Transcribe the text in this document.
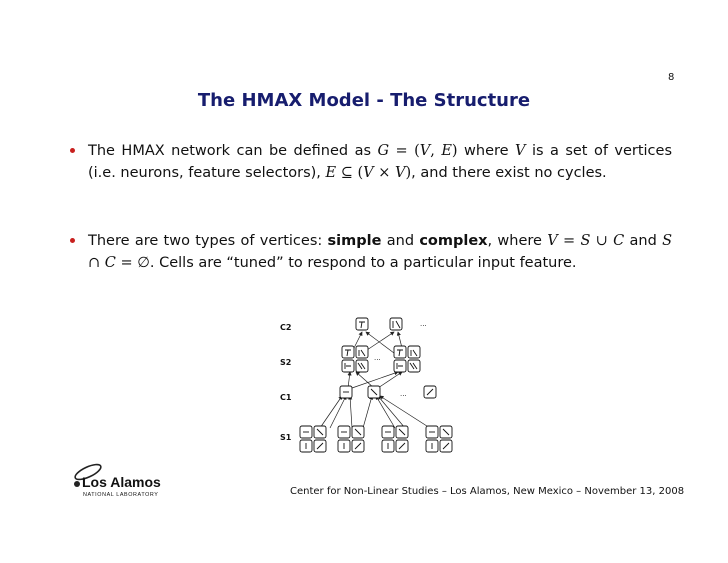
8
The HMAX Model - The Structure
The HMAX network can be defined as G = (V, E) where V is a set of vertices (i.e. neurons, feature selectors), E ⊆ (V × V), and there exist no cycles.
There are two types of vertices: simple and complex, where V = S ∪ C and S ∩ C = ∅. Cells are “tuned” to respond to a particular input feature.
C2
S2
C1
S1
...
...
...
Los Alamos
NATIONAL LABORATORY	Center for Non-Linear Studies – Los Alamos, New Mexico – November 13, 2008
